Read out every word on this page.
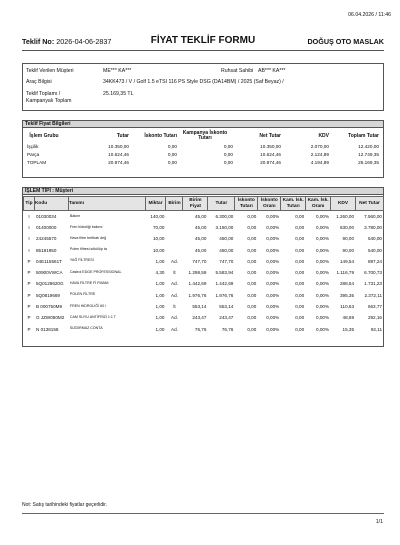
06.04.2026 / 11:46
Teklif No: 2026-04-06-2837	FİYAT TEKLİF FORMU	DOĞUŞ OTO MASLAK
Teklif Verilen Müşteri	ME*** KA***	Ruhsat Sahibi AB*** KA***
Araç Bilgisi	34KK473 / V / Golf 1.5 eTSI 116 PS Style DSG (DA14BM) / 2025 (Saf Beyaz) /
Teklif Toplamı /
Kampanyalı Toplam
25.169,35 TL
Teklif Fiyat Bilgileri
İşlem Grubu	Tutar	İskonto Tutarı	Kampanya İskonto Tutarı	Net Tutar	KDV	Toplam Tutar
İşçilik	10.350,00	0,00	0,00	10.350,00	2.070,00	12.420,00
Parça	10.624,46	0,00	0,00	10.624,46	2.124,89	12.749,35
TOPLAM	20.974,46	0,00	0,00	20.974,46	4.194,89	25.169,35
İŞLEM TİPİ : Müşteri
Tip	Kodu	Tanımı	Miktar	Birim	Birim Fiyat	Tutar	İskonto Tutarı	İskonto Oranı	Kam. İsk. Tutarı	Kam. İsk. Oranı	KDV	Net Tutar
I	01030034	Bakım	140,00		45,00	6.300,00	0,00	0,00%	0,00	0,00%	1.260,00	7.560,00
I	01400000	Fren hidroliği bakımı	70,00		45,00	3.150,00	0,00	0,00%	0,00	0,00%	630,00	3.780,00
I	24245570	Hava filtre tertibatı değ	10,00		45,00	450,00	0,00	0,00%	0,00	0,00%	90,00	540,00
I	85181950	Polen filtresi sökülüp ta	10,00		45,00	450,00	0,00	0,00%	0,00	0,00%	90,00	540,00
P	04E115561T	YAĞ FİLTRESİ	1,00	Ad.	747,70	747,70	0,00	0,00%	0,00	0,00%	149,54	897,24
P	50900VWCA	Castrol EDGE PROFESSIONAL	4,30	lt	1.298,59	5.583,94	0,00	0,00%	0,00	0,00%	1.116,79	6.700,73
P	5Q0129620G	HAVA FİLTRE Fİ FMANI	1,00	Ad.	1.442,69	1.442,69	0,00	0,00%	0,00	0,00%	288,54	1.731,23
P	5Q0819669	POLEN FİLTRE	1,00	Ad.	1.976,76	1.976,76	0,00	0,00%	0,00	0,00%	395,35	2.372,11
P	B 000750M9	FREN HİDROLİĞİ 60 l	1,00	lt	553,14	553,14	0,00	0,00%	0,00	0,00%	110,63	663,77
P	G JZW050M2	CAM SUYU ANTİFRİZİ 1:1 T	1,00	Ad.	243,47	243,47	0,00	0,00%	0,00	0,00%	48,69	292,16
P	N 0138158	SIZDIRMAZ CONTA	1,00	Ad.	76,76	76,76	0,00	0,00%	0,00	0,00%	15,35	92,11
Not: Satış tarihindeki fiyatlar geçerlidir.
1/1
